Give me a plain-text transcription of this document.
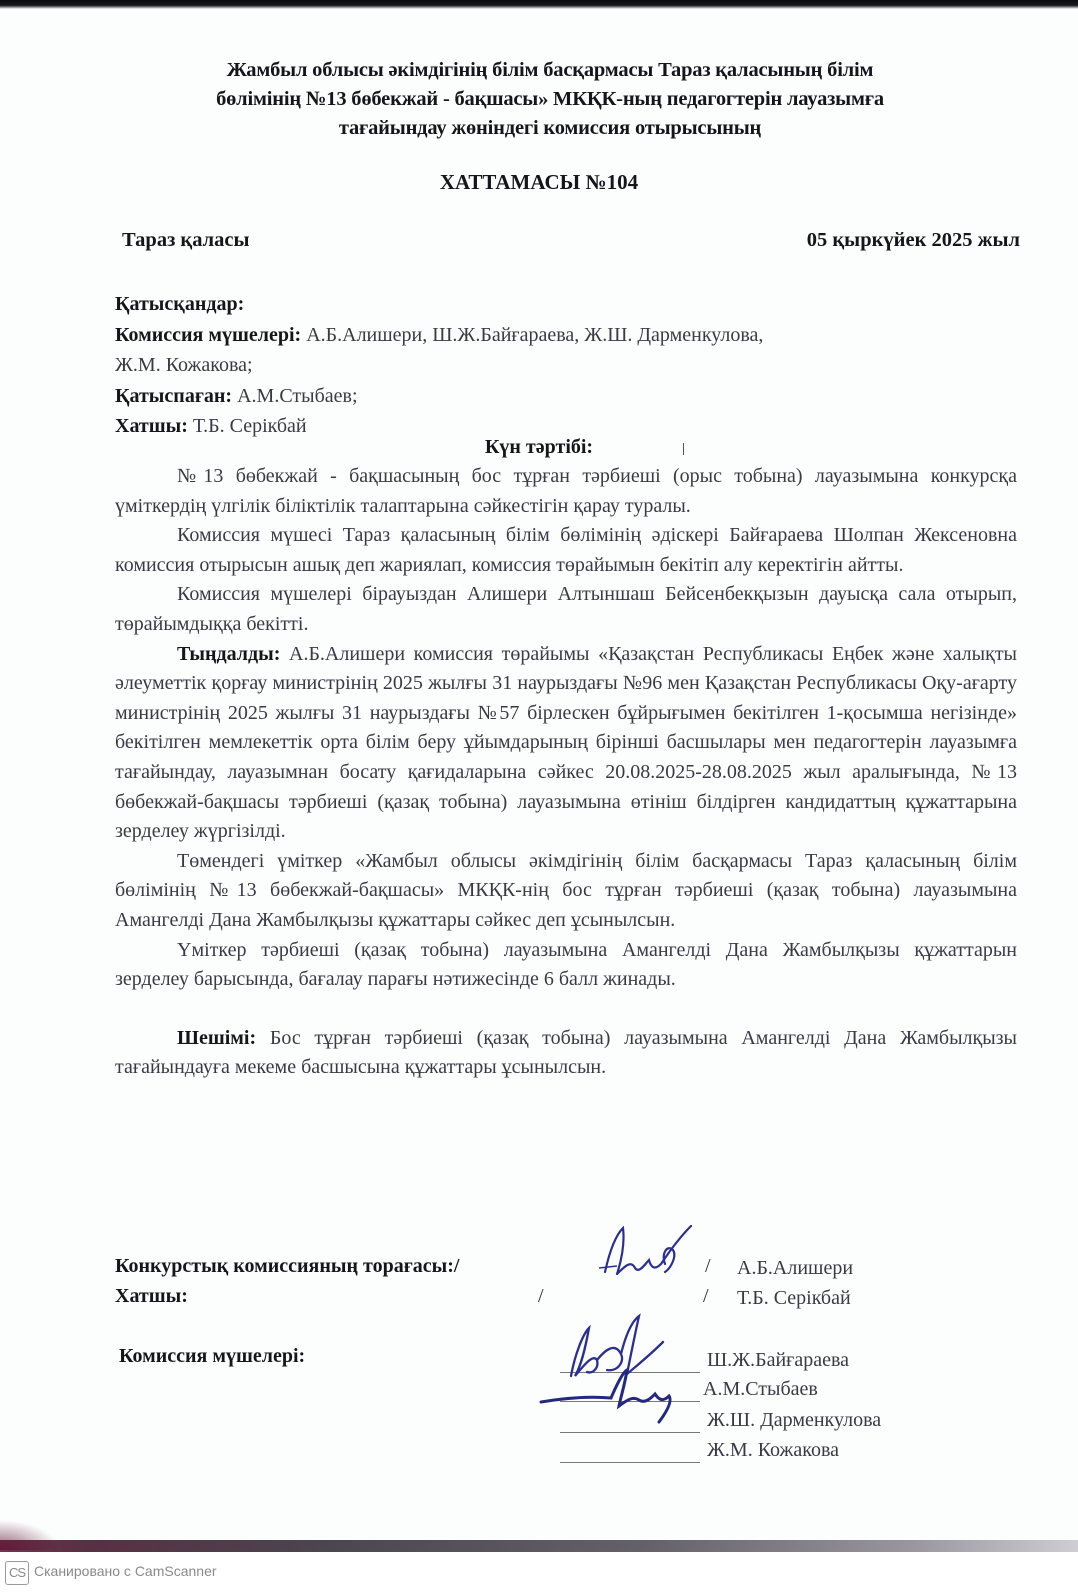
Жамбыл облысы әкімдігінің білім басқармасы Тараз қаласының білім
бөлімінің №13 бөбекжай - бақшасы» МКҚК-ның педагогтерін лауазымға
тағайындау жөніндегі комиссия отырысының
ХАТТАМАСЫ №104
Тараз қаласы	05 қыркүйек 2025 жыл
Қатысқандар:
Комиссия мүшелері: А.Б.Алишери, Ш.Ж.Байғараева, Ж.Ш. Дарменкулова,
Ж.М. Кожакова;
Қатыспаған: А.М.Стыбаев;
Хатшы: Т.Б. Серікбай
Күн тәртібі:

№13 бөбекжай - бақшасының бос тұрған тәрбиеші (орыс тобына) лауазымына конкурсқа үміткердің үлгілік біліктілік талаптарына сәйкестігін қарау туралы.

Комиссия мүшесі Тараз қаласының білім бөлімінің әдіскері Байғараева Шолпан Жексеновна комиссия отырысын ашық деп жариялап, комиссия төрайымын бекітіп алу керектігін айтты.

Комиссия мүшелері бірауыздан Алишери Алтыншаш Бейсенбекқызын дауысқа сала отырып, төрайымдыққа бекітті.

Тыңдалды: А.Б.Алишери комиссия төрайымы «Қазақстан Республикасы Еңбек және халықты әлеуметтік қорғау министрінің 2025 жылғы 31 наурыздағы №96 мен Қазақстан Республикасы Оқу-ағарту министрінің 2025 жылғы 31 наурыздағы №57 бірлескен бұйрығымен бекітілген 1-қосымша негізінде» бекітілген мемлекеттік орта білім беру ұйымдарының бірінші басшылары мен педагогтерін лауазымға тағайындау, лауазымнан босату қағидаларына сәйкес 20.08.2025-28.08.2025 жыл аралығында, №13 бөбекжай-бақшасы тәрбиеші (қазақ тобына) лауазымына өтініш білдірген кандидаттың құжаттарына зерделеу жүргізілді.

Төмендегі үміткер «Жамбыл облысы әкімдігінің білім басқармасы Тараз қаласының білім бөлімінің №13 бөбекжай-бақшасы» МКҚК-нің бос тұрған тәрбиеші (қазақ тобына) лауазымына Амангелді Дана Жамбылқызы құжаттары сәйкес деп ұсынылсын.

Үміткер тәрбиеші (қазақ тобына) лауазымына Амангелді Дана Жамбылқызы құжаттарын зерделеу барысында, бағалау парағы нәтижесінде 6 балл жинады.

Шешімі: Бос тұрған тәрбиеші (қазақ тобына) лауазымына Амангелді Дана Жамбылқызы тағайындауға мекеме басшысына құжаттары ұсынылсын.

Конкурстық комиссияның торағасы:/	/ А.Б.Алишери
Хатшы:	/	/ Т.Б. Серікбай
Комиссия мүшелері:	Ш.Ж.Байғараева
А.М.Стыбаев
Ж.Ш. Дарменкулова
Ж.М. Кожакова
CS Сканировано с CamScanner
